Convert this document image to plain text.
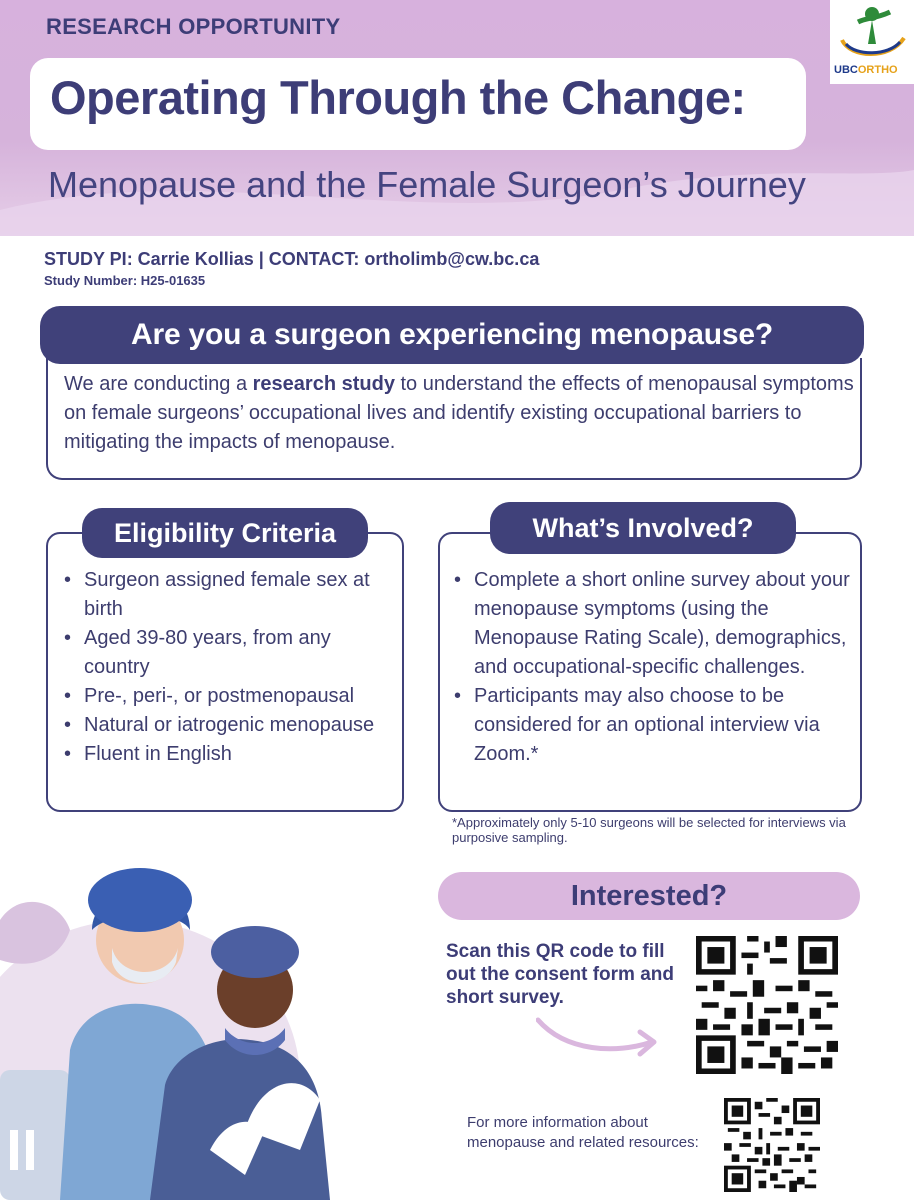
RESEARCH OPPORTUNITY
Operating Through the Change:
Menopause and the Female Surgeon’s Journey
UBCORTHO
STUDY PI: Carrie Kollias | CONTACT: ortholimb@cw.bc.ca
Study Number: H25-01635
We are conducting a research study to understand the effects of menopausal symptoms on female surgeons’ occupational lives and identify existing occupational barriers to mitigating the impacts of menopause.
Are you a surgeon experiencing menopause?
• Surgeon assigned female sex at birth
• Aged 39-80 years, from any country
• Pre-, peri-, or postmenopausal
• Natural or iatrogenic menopause
• Fluent in English
Eligibility Criteria
• Complete a short online survey about your menopause symptoms (using the Menopause Rating Scale), demographics, and occupational-specific challenges.
• Participants may also choose to be considered for an optional interview via Zoom.*
What’s Involved?
*Approximately only 5-10 surgeons will be selected for interviews via purposive sampling.
Interested?
Scan this QR code to fill out the consent form and short survey.
For more information about menopause and related resources:
